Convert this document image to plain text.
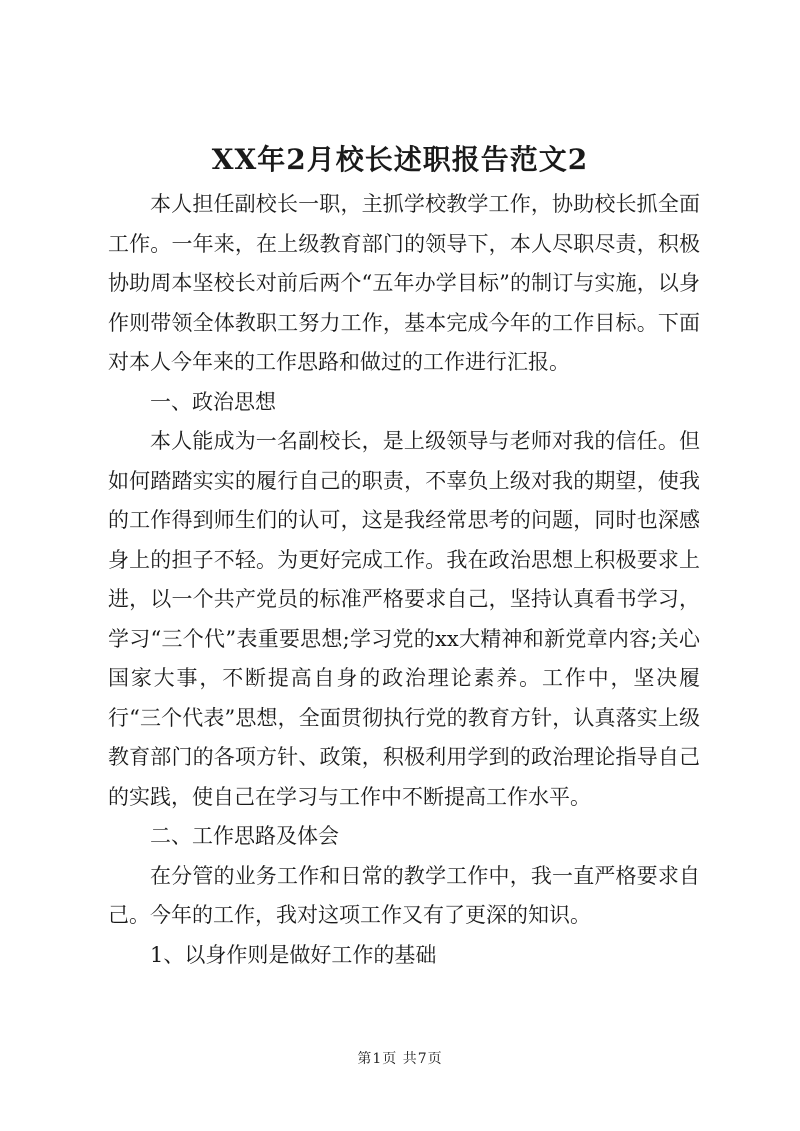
XX年2月校长述职报告范文2

本人担任副校长一职，主抓学校教学工作，协助校长抓全面工作。一年来，在上级教育部门的领导下，本人尽职尽责，积极协助周本坚校长对前后两个“五年办学目标”的制订与实施，以身作则带领全体教职工努力工作，基本完成今年的工作目标。下面对本人今年来的工作思路和做过的工作进行汇报。

一、政治思想

本人能成为一名副校长，是上级领导与老师对我的信任。但如何踏踏实实的履行自己的职责，不辜负上级对我的期望，使我的工作得到师生们的认可，这是我经常思考的问题，同时也深感身上的担子不轻。为更好完成工作。我在政治思想上积极要求上进，以一个共产党员的标准严格要求自己，坚持认真看书学习，学习“三个代”表重要思想;学习党的xx大精神和新党章内容;关心国家大事，不断提高自身的政治理论素养。工作中，坚决履行“三个代表”思想，全面贯彻执行党的教育方针，认真落实上级教育部门的各项方针、政策，积极利用学到的政治理论指导自己的实践，使自己在学习与工作中不断提高工作水平。

二、工作思路及体会

在分管的业务工作和日常的教学工作中，我一直严格要求自己。今年的工作，我对这项工作又有了更深的知识。

1、以身作则是做好工作的基础

第1页 共7页
